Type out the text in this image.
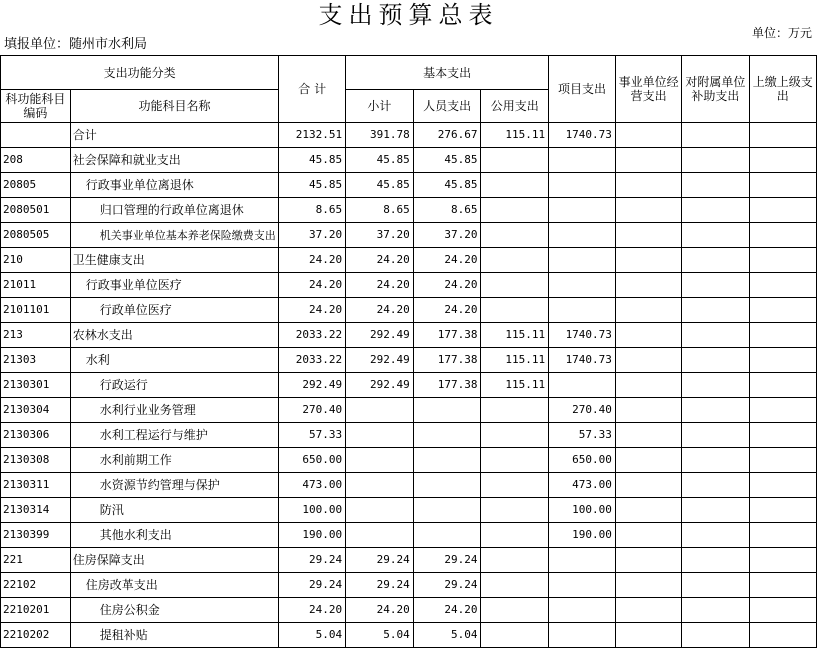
支出预算总表
填报单位：随州市水利局
单位：万元
支出功能分类		合 计	基本支出			项目支出	事业单位经营支出	对附属单位补助支出	上缴上级支出
科功能科目编码	功能科目名称		小计	人员支出	公用支出				

	合计	2132.51	391.78	276.67	115.11	1740.73			
208	社会保障和就业支出	45.85	45.85	45.85					
20805	行政事业单位离退休	45.85	45.85	45.85					
2080501	归口管理的行政单位离退休	8.65	8.65	8.65					
2080505	机关事业单位基本养老保险缴费支出	37.20	37.20	37.20					
210	卫生健康支出	24.20	24.20	24.20					
21011	行政事业单位医疗	24.20	24.20	24.20					
2101101	行政单位医疗	24.20	24.20	24.20					
213	农林水支出	2033.22	292.49	177.38	115.11	1740.73			
21303	水利	2033.22	292.49	177.38	115.11	1740.73			
2130301	行政运行	292.49	292.49	177.38	115.11				
2130304	水利行业业务管理	270.40				270.40			
2130306	水利工程运行与维护	57.33				57.33			
2130308	水利前期工作	650.00				650.00			
2130311	水资源节约管理与保护	473.00				473.00			
2130314	防汛	100.00				100.00			
2130399	其他水利支出	190.00				190.00			
221	住房保障支出	29.24	29.24	29.24					
22102	住房改革支出	29.24	29.24	29.24					
2210201	住房公积金	24.20	24.20	24.20					
2210202	提租补贴	5.04	5.04	5.04					
